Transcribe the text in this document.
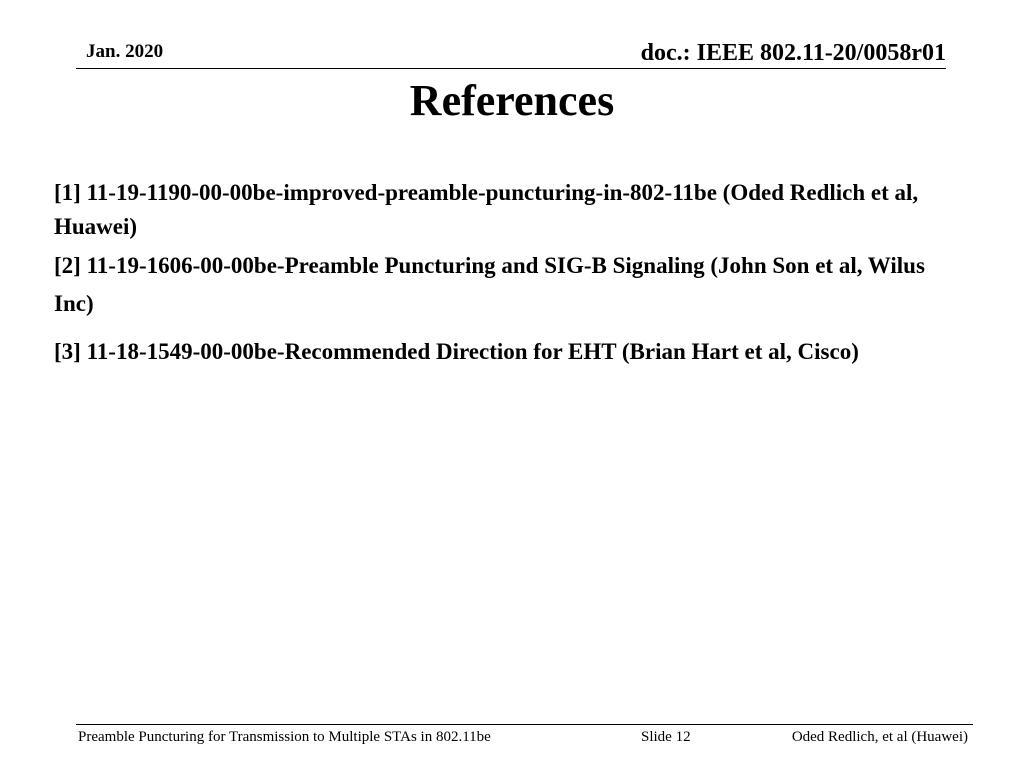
Jan. 2020	doc.: IEEE 802.11-20/0058r01
References

[1] 11-19-1190-00-00be-improved-preamble-puncturing-in-802-11be (Oded Redlich et al, Huawei)

[2] 11-19-1606-00-00be-Preamble Puncturing and SIG-B Signaling (John Son et al, Wilus Inc)

[3] 11-18-1549-00-00be-Recommended Direction for EHT (Brian Hart et al, Cisco)

Preamble Puncturing for Transmission to Multiple STAs in 802.11be	Slide 12	Oded Redlich, et al (Huawei)
